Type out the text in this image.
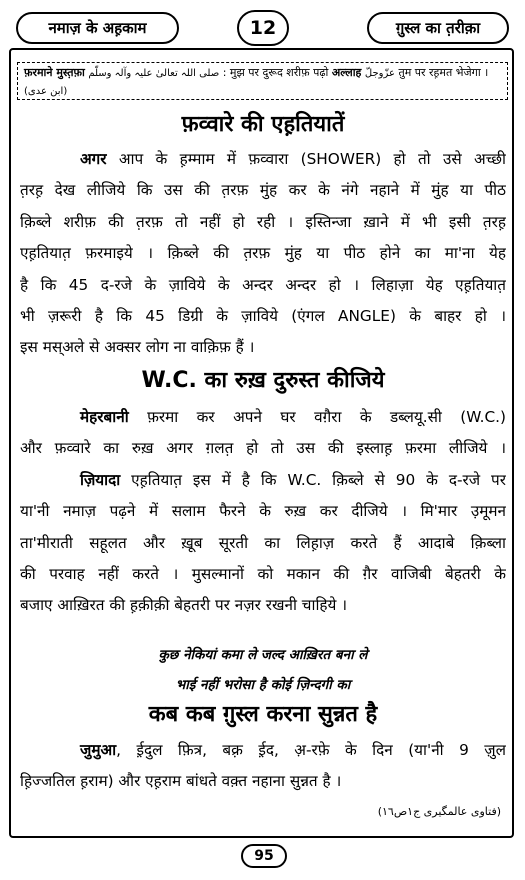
नमाज़ के अह़काम	12	ग़ुस्ल का त़रीक़ा
फ़रमाने मुस्त़फ़ा صلی اللہ تعالیٰ علیہ وآلہ وسلّم : मुझ पर दुरूद शरीफ़ पढ़ो अल्लाह عزّوجلّ तुम पर रह़मत भेजेगा । (ابن عدی)
फ़व्वारे की एह़तियातें
अगर आप के ह़म्माम में फ़व्वारा (SHOWER) हो तो उसे अच्छी
त़रह़ देख लीजिये कि उस की त़रफ़ मुंह कर के नंगे नहाने में मुंह या पीठ
क़िब्ले शरीफ़ की त़रफ़ तो नहीं हो रही । इस्तिन्जा ख़ाने में भी इसी त़रह़
एह़तियात़ फ़रमाइये । क़िब्ले की त़रफ़ मुंह या पीठ होने का मा'ना येह
है कि 45 द-रजे के ज़ाविये के अन्दर अन्दर हो । लिहाज़ा येह एह़तियात़
भी ज़रूरी है कि 45 डिग्री के ज़ाविये (एंगल ANGLE) के बाहर हो ।
इस मस्अले से अक्सर लोग ना वाक़िफ़ हैं ।
W.C. का रुख़ दुरुस्त कीजिये
मेहरबानी फ़रमा कर अपने घर वग़ैरा के डब्लयू.सी (W.C.)
और फ़व्वारे का रुख़ अगर ग़लत़ हो तो उस की इस्लाह़ फ़रमा लीजिये ।
ज़ियादा एह़तियात़ इस में है कि W.C. क़िब्ले से 90 के द-रजे पर
या'नी नमाज़ पढ़ने में सलाम फैरने के रुख़ कर दीजिये । मि'मार उ़मूमन
ता'मीराती सहूलत और ख़ूब सूरती का लिह़ाज़ करते हैं आदाबे क़िब्ला
की परवाह नहीं करते । मुसल्मानों को मकान की ग़ैर वाजिबी बेहतरी के
बजाए आख़िरत की ह़क़ीक़ी बेहतरी पर नज़र रखनी चाहिये ।
कुछ नेकियां कमा ले जल्द आख़िरत बना ले
भाई नहीं भरोसा है कोई ज़िन्दगी का
कब कब ग़ुस्ल करना सुन्नत है
जुमुआ, ई़दुल फ़ित्र, बक़्र ई़द, अ़-रफ़े के दिन (या'नी 9 ज़ुल
ह़िज्जतिल ह़राम) और एह़राम बांधते वक़्त नहाना सुन्नत है ।
(فتاوی عالمگیری ج١ص١٦)
95
